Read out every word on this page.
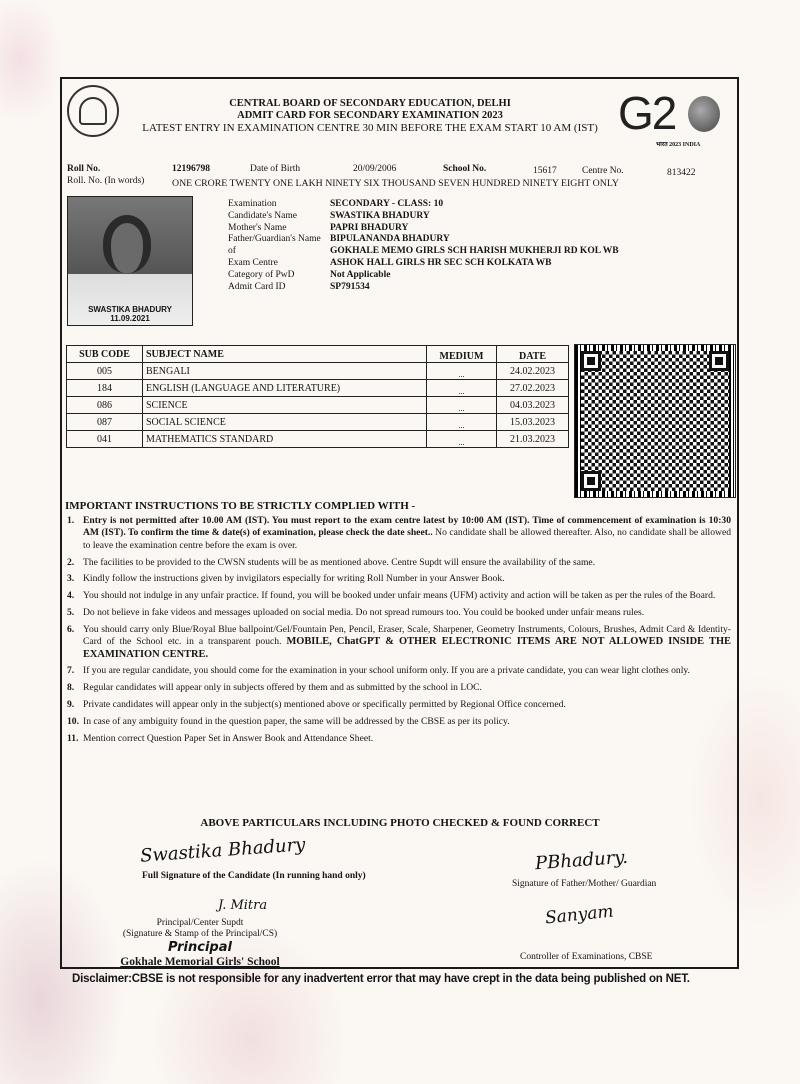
CENTRAL BOARD OF SECONDARY EDUCATION, DELHI
ADMIT CARD FOR SECONDARY EXAMINATION 2023
LATEST ENTRY IN EXAMINATION CENTRE 30 MIN BEFORE THE EXAM START 10 AM (IST) G2
भारत 2023 INDIA
Roll No.	12196798	Date of Birth	20/09/2006	School No.	15617	Centre No.	813422
Roll. No. (In words)	ONE CRORE TWENTY ONE LAKH NINETY SIX THOUSAND SEVEN HUNDRED NINETY EIGHT ONLY
SWASTIKA BHADURY
11.09.2021
Examination	SECONDARY - CLASS: 10
Candidate's Name	SWASTIKA BHADURY
Mother's Name	PAPRI BHADURY
Father/Guardian's Name BIPULANANDA BHADURY
of	GOKHALE MEMO GIRLS SCH HARISH MUKHERJI RD KOL WB
Exam Centre	ASHOK HALL GIRLS HR SEC SCH KOLKATA WB
Category of PwD	Not Applicable
Admit Card ID	SP791534
SUB CODE	SUBJECT NAME	MEDIUM	DATE
005	BENGALI	...	24.02.2023
184	ENGLISH (LANGUAGE AND LITERATURE)	...	27.02.2023
086	SCIENCE	...	04.03.2023
087	SOCIAL SCIENCE	...	15.03.2023
041	MATHEMATICS STANDARD	...	21.03.2023
IMPORTANT INSTRUCTIONS TO BE STRICTLY COMPLIED WITH -
1. Entry is not permitted after 10.00 AM (IST). You must report to the exam centre latest by 10:00 AM (IST). Time of commencement of examination is 10:30 AM (IST). To confirm the time & date(s) of examination, please check the date sheet.. No candidate shall be allowed thereafter. Also, no candidate shall be allowed to leave the examination centre before the exam is over.
2. The facilities to be provided to the CWSN students will be as mentioned above. Centre Supdt will ensure the availability of the same.
3. Kindly follow the instructions given by invigilators especially for writing Roll Number in your Answer Book.
4. You should not indulge in any unfair practice. If found, you will be booked under unfair means (UFM) activity and action will be taken as per the rules of the Board.
5. Do not believe in fake videos and messages uploaded on social media. Do not spread rumours too. You could be booked under unfair means rules.
6. You should carry only Blue/Royal Blue ballpoint/Gel/Fountain Pen, Pencil, Eraser, Scale, Sharpener, Geometry Instruments, Colours, Brushes, Admit Card & Identity-Card of the School etc. in a transparent pouch. MOBILE, ChatGPT & OTHER ELECTRONIC ITEMS ARE NOT ALLOWED INSIDE THE EXAMINATION CENTRE.
7. If you are regular candidate, you should come for the examination in your school uniform only. If you are a private candidate, you can wear light clothes only.
8. Regular candidates will appear only in subjects offered by them and as submitted by the school in LOC.
9. Private candidates will appear only in the subject(s) mentioned above or specifically permitted by Regional Office concerned.
10. In case of any ambiguity found in the question paper, the same will be addressed by the CBSE as per its policy.
11. Mention correct Question Paper Set in Answer Book and Attendance Sheet.
ABOVE PARTICULARS INCLUDING PHOTO CHECKED & FOUND CORRECT
Swastika Bhadury
Full Signature of the Candidate (In running hand only)
PBhadury.
Signature of Father/Mother/ Guardian
J. Mitra
Principal/Center Supdt
(Signature & Stamp of the Principal/CS)
Principal
Gokhale Memorial Girls' School
Sanyam
Controller of Examinations, CBSE
Disclaimer:CBSE is not responsible for any inadvertent error that may have crept in the data being published on NET.
